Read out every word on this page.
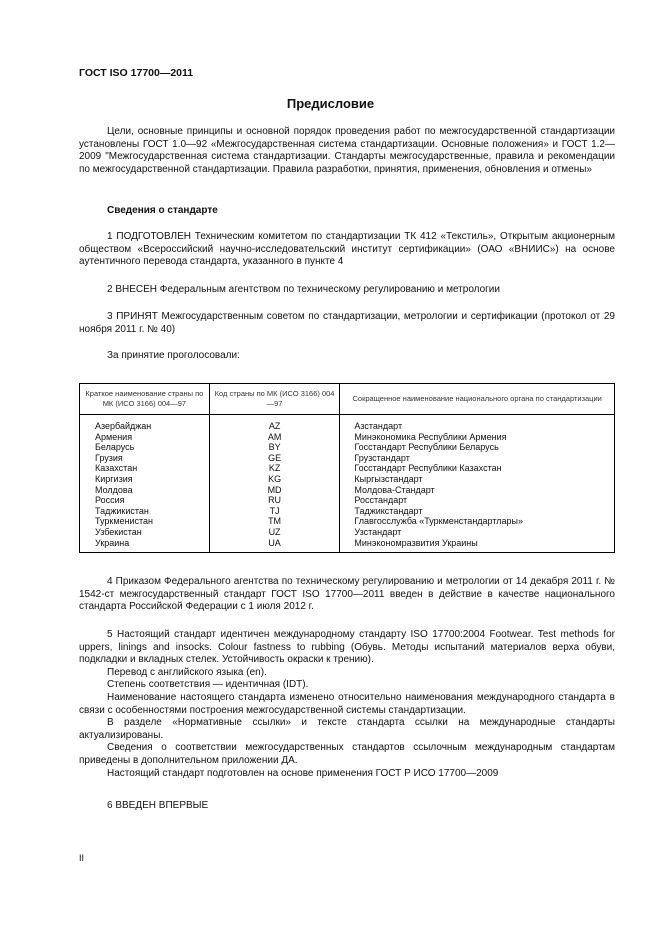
ГОСТ ISO 17700—2011
Предисловие

Цели, основные принципы и основной порядок проведения работ по межгосударственной стандартизации установлены ГОСТ 1.0—92 «Межгосударственная система стандартизации. Основные положения» и ГОСТ 1.2—2009 "Межгосударственная система стандартизации. Стандарты межгосударственные, правила и рекомендации по межгосударственной стандартизации. Правила разработки, принятия, применения, обновления и отмены»

Сведения о стандарте

1 ПОДГОТОВЛЕН Техническим комитетом по стандартизации ТК 412 «Текстиль», Открытым акционерным обществом «Всероссийский научно-исследовательский институт сертификации» (ОАО «ВНИИС») на основе аутентичного перевода стандарта, указанного в пункте 4

2 ВНЕСЕН Федеральным агентством по техническому регулированию и метрологии

3 ПРИНЯТ Межгосударственным советом по стандартизации, метрологии и сертификации (протокол от 29 ноября 2011 г. № 40)

За принятие проголосовали:

Краткое наименование страны по МК (ИСО 3166) 004—97	Код страны по МК (ИСО 3166) 004—97	Сокращенное наименование национального органа по стандартизации
Азербайджан	AZ	Азстандарт
Армения	AM	Минэкономика Республики Армения
Беларусь	BY	Госстандарт Республики Беларусь
Грузия	GE	Грузстандарт
Казахстан	KZ	Госстандарт Республики Казахстан
Киргизия	KG	Кыргызстандарт
Молдова	MD	Молдова-Стандарт
Россия	RU	Росстандарт
Таджикистан	TJ	Таджикстандарт
Туркменистан	TM	Главгосслужба «Туркменстандартлары»
Узбекистан	UZ	Узстандарт
Украина	UA	Минэкономразвития Украины

4 Приказом Федерального агентства по техническому регулированию и метрологии от 14 декабря 2011 г. № 1542-ст межгосударственный стандарт ГОСТ ISO 17700—2011 введен в действие в качестве национального стандарта Российской Федерации с 1 июля 2012 г.

5 Настоящий стандарт идентичен международному стандарту ISO 17700:2004 Footwear. Test methods for uppers, linings and insocks. Colour fastness to rubbing (Обувь. Методы испытаний материалов верха обуви, подкладки и вкладных стелек. Устойчивость окраски к трению).

Перевод с английского языка (en).

Степень соответствия — идентичная (IDT).

Наименование настоящего стандарта изменено относительно наименования международного стандарта в связи с особенностями построения межгосударственной системы стандартизации.

В разделе «Нормативные ссылки» и тексте стандарта ссылки на международные стандарты актуализированы.

Сведения о соответствии межгосударственных стандартов ссылочным международным стандартам приведены в дополнительном приложении ДА.

Настоящий стандарт подготовлен на основе применения ГОСТ Р ИСО 17700—2009

6 ВВЕДЕН ВПЕРВЫЕ

II
